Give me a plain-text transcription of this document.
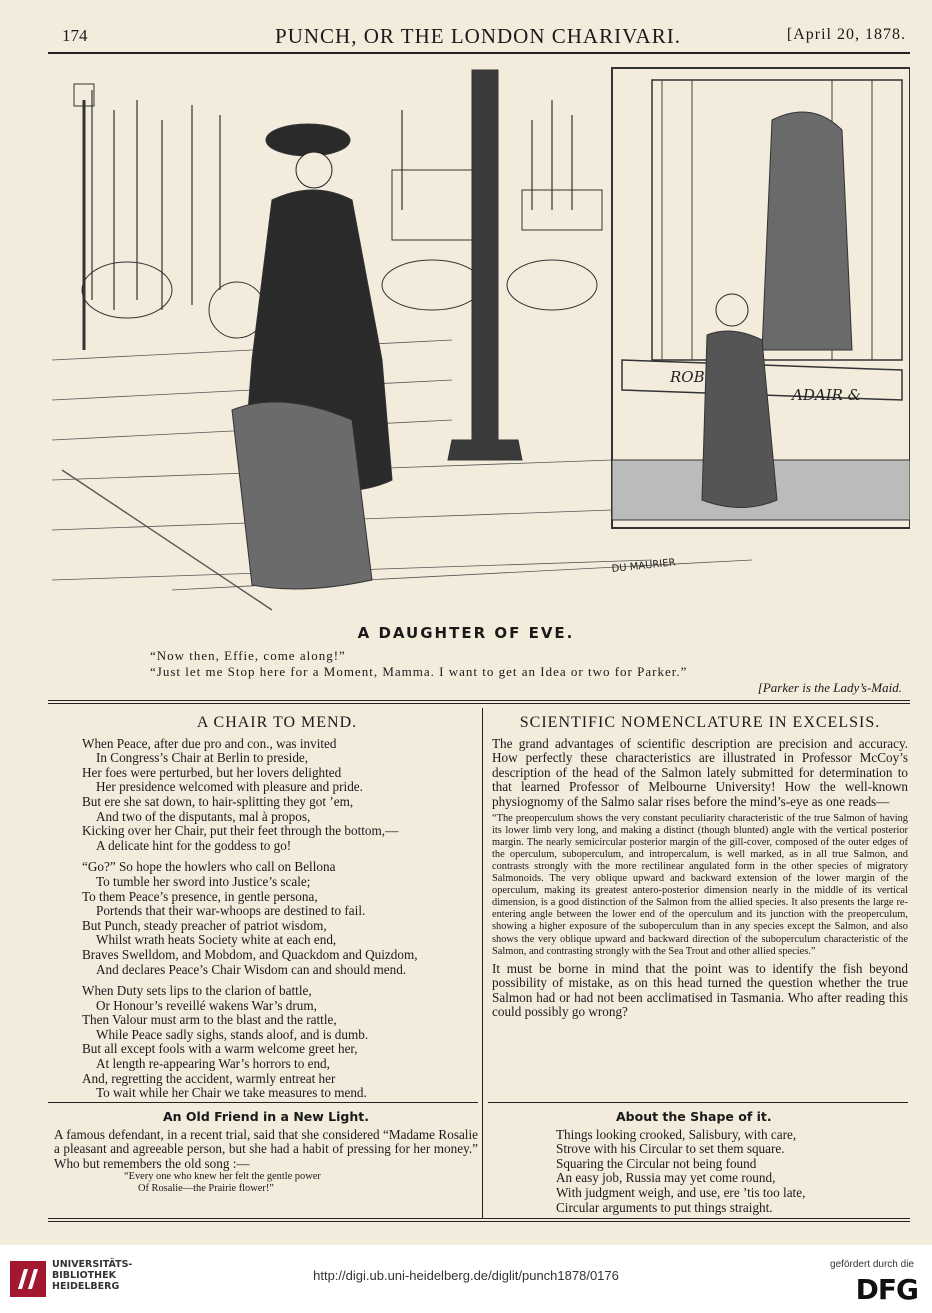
174	PUNCH, OR THE LONDON CHARIVARI.	[April 20, 1878.
ROB
ADAIR &
DU MAURIER
A DAUGHTER OF EVE.
“Now then, Effie, come along!”
“Just let me Stop here for a Moment, Mamma. I want to get an Idea or two for Parker.”
[Parker is the Lady’s-Maid.
A CHAIR TO MEND.
When Peace, after due pro and con., was invited
In Congress’s Chair at Berlin to preside,
Her foes were perturbed, but her lovers delighted
Her presidence welcomed with pleasure and pride.
But ere she sat down, to hair-splitting they got ’em,
And two of the disputants, mal à propos,
Kicking over her Chair, put their feet through the bottom,—
A delicate hint for the goddess to go!
“Go?” So hope the howlers who call on Bellona
To tumble her sword into Justice’s scale;
To them Peace’s presence, in gentle persona,
Portends that their war-whoops are destined to fail.
But Punch, steady preacher of patriot wisdom,
Whilst wrath heats Society white at each end,
Braves Swelldom, and Mobdom, and Quackdom and Quizdom,
And declares Peace’s Chair Wisdom can and should mend.
When Duty sets lips to the clarion of battle,
Or Honour’s reveillé wakens War’s drum,
Then Valour must arm to the blast and the rattle,
While Peace sadly sighs, stands aloof, and is dumb.
But all except fools with a warm welcome greet her,
At length re-appearing War’s horrors to end,
And, regretting the accident, warmly entreat her
To wait while her Chair we take measures to mend.
SCIENTIFIC NOMENCLATURE IN EXCELSIS.
The grand advantages of scientific description are precision and accuracy. How perfectly these characteristics are illustrated in Professor McCoy’s description of the head of the Salmon lately submitted for determination to that learned Professor of Melbourne University! How the well-known physiognomy of the Salmo salar rises before the mind’s-eye as one reads—
“The preoperculum shows the very constant peculiarity characteristic of the true Salmon of having its lower limb very long, and making a distinct (though blunted) angle with the vertical posterior margin. The nearly semicircular posterior margin of the gill-cover, composed of the outer edges of the operculum, suboperculum, and intropercalum, is well marked, as in all true Salmon, and contrasts strongly with the more rectilinear angulated form in the other species of migratory Salmonoids. The very oblique upward and backward extension of the lower margin of the operculum, making its greatest antero-posterior dimension nearly in the middle of its vertical dimension, is a good distinction of the Salmon from the allied species. It also presents the large re-entering angle between the lower end of the operculum and its junction with the preoperculum, showing a higher exposure of the suboperculum than in any species except the Salmon, and also shows the very oblique upward and backward direction of the suboperculum characteristic of the Salmon, and contrasting strongly with the Sea Trout and other allied species.”
It must be borne in mind that the point was to identify the fish beyond possibility of mistake, as on this head turned the question whether the true Salmon had or had not been acclimatised in Tasmania. Who after reading this could possibly go wrong?
An Old Friend in a New Light.
A famous defendant, in a recent trial, said that she considered “Madame Rosalie a pleasant and agreeable person, but she had a habit of pressing for her money.” Who but remembers the old song :—
“Every one who knew her felt the gentle power
Of Rosalie—the Prairie flower!”
About the Shape of it.
Things looking crooked, Salisbury, with care,
Strove with his Circular to set them square.
Squaring the Circular not being found
An easy job, Russia may yet come round,
With judgment weigh, and use, ere ’tis too late,
Circular arguments to put things straight.
UNIVERSITÄTS-
BIBLIOTHEK
HEIDELBERG
http://digi.ub.uni-heidelberg.de/diglit/punch1878/0176
gefördert durch die
DFG
